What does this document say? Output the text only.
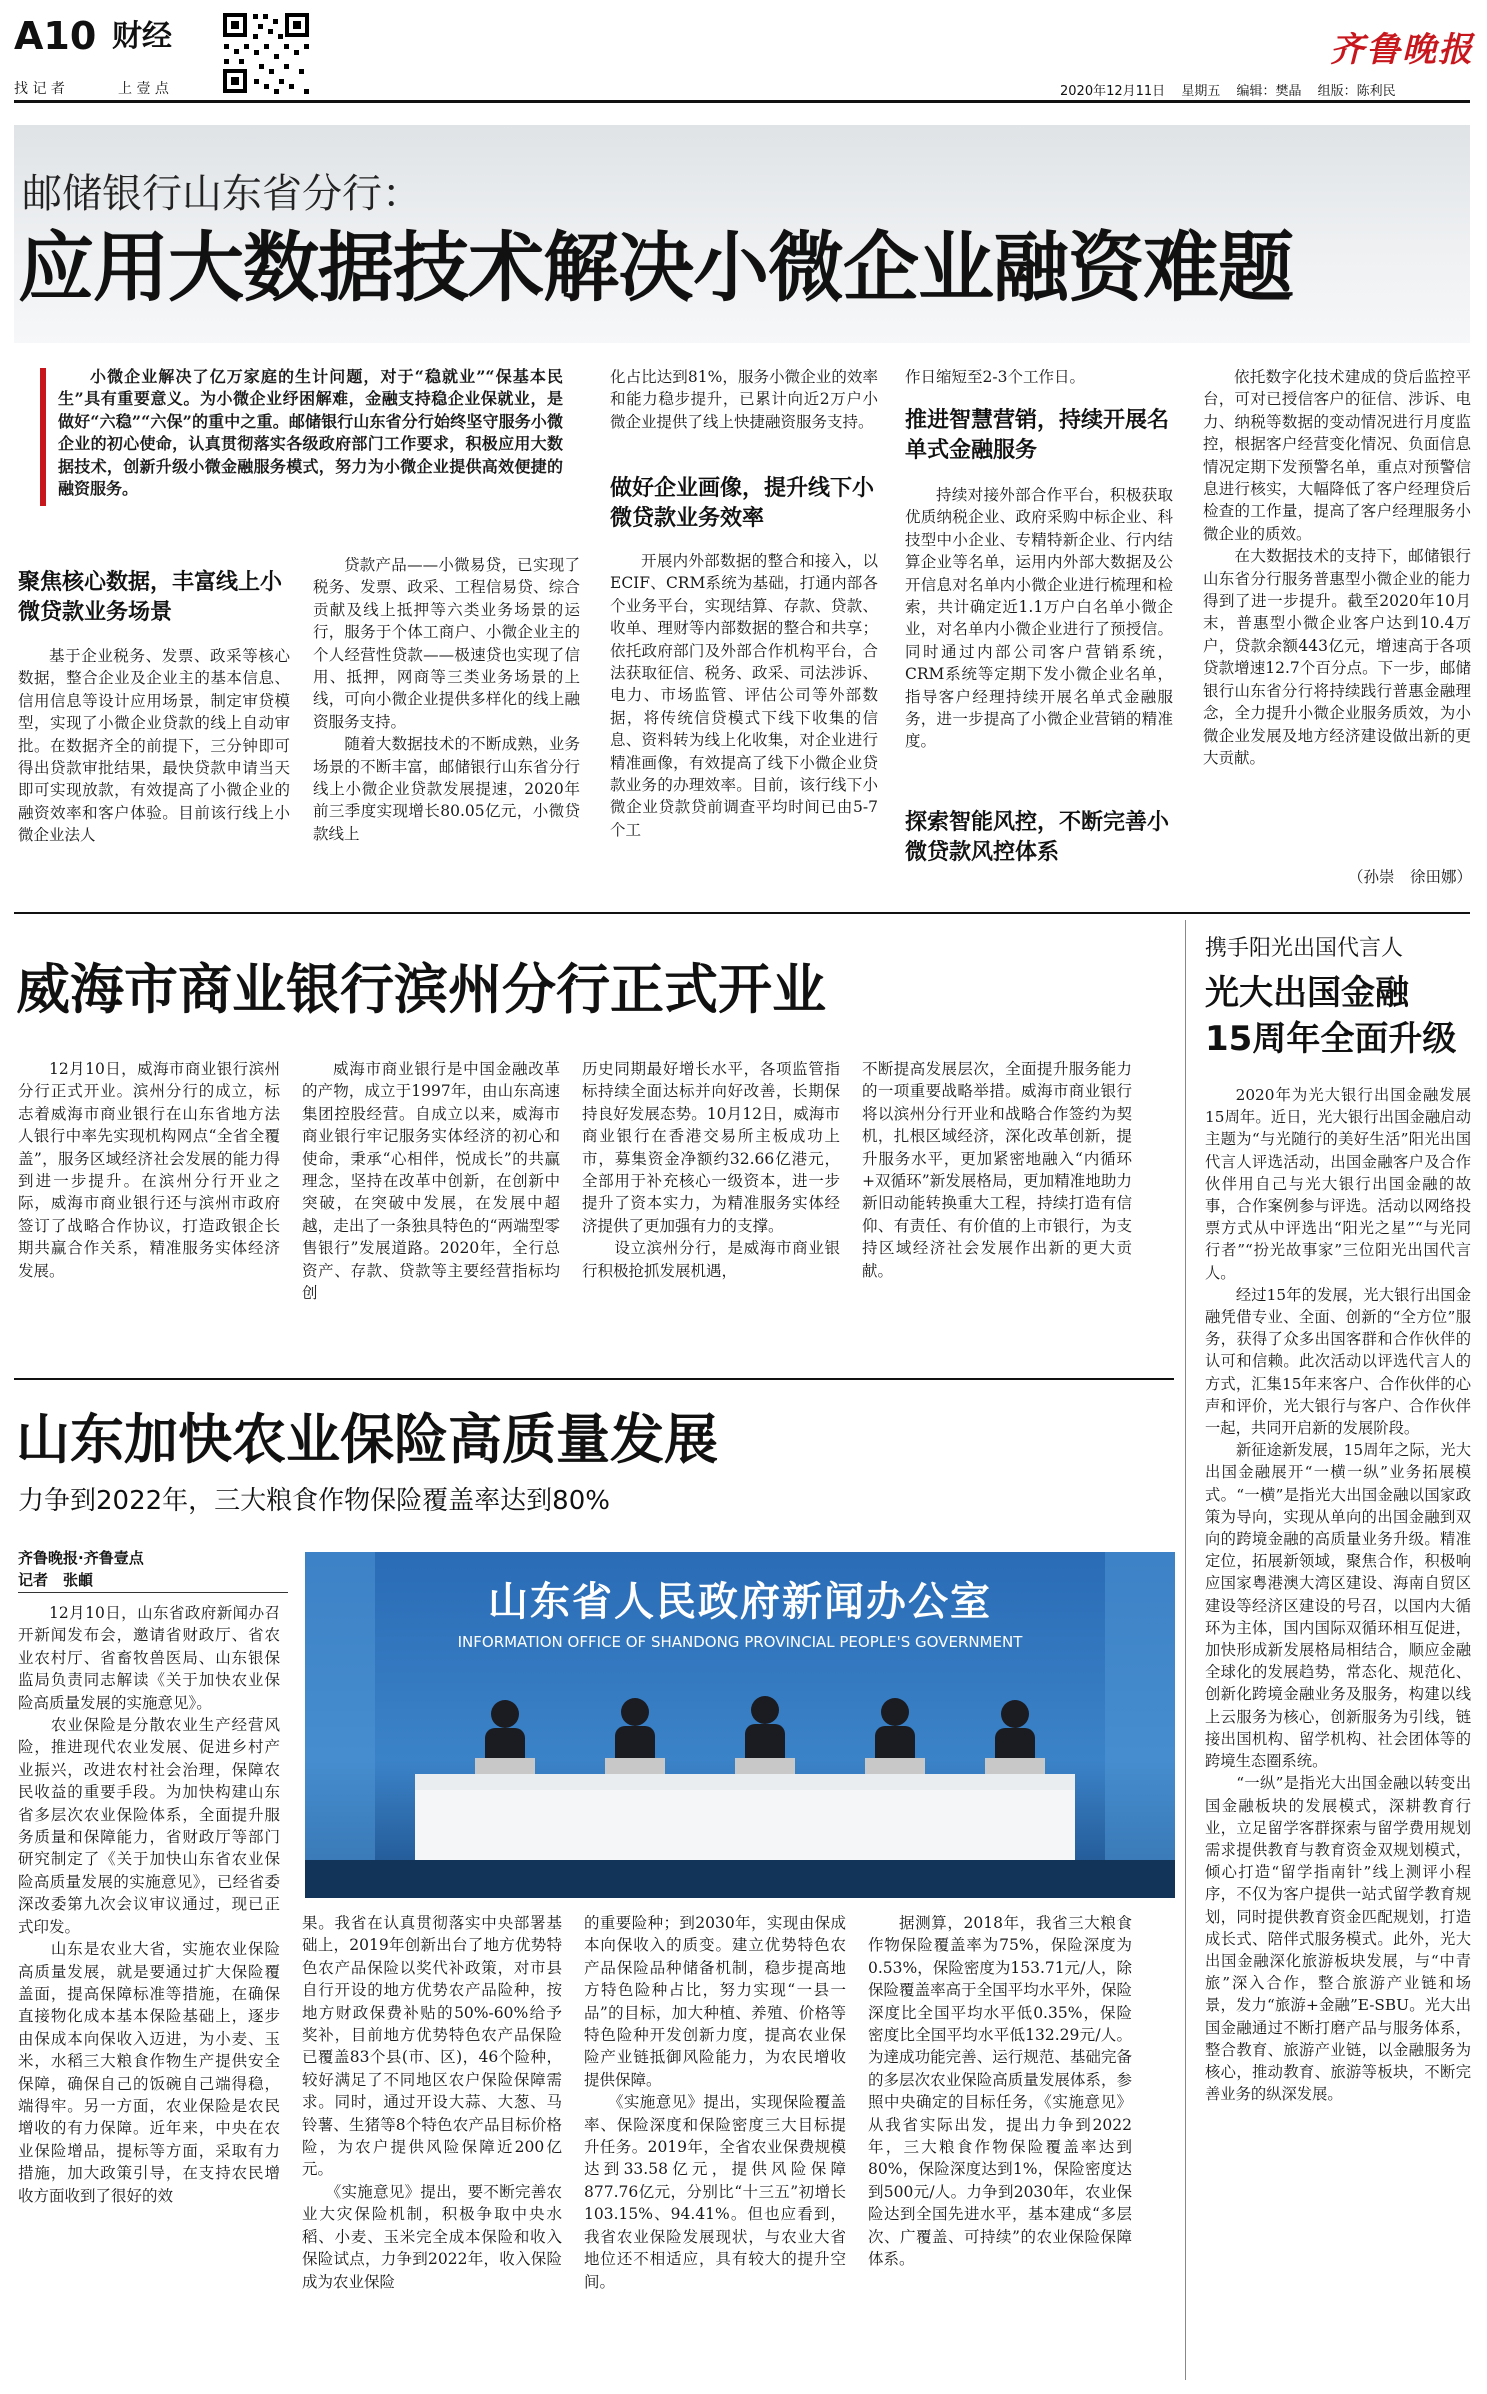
A10 财经
找 记 者	上 壹 点
齐鲁晚报
2020年12月11日 星期五 编辑：樊晶 组版：陈利民
邮储银行山东省分行：
应用大数据技术解决小微企业融资难题
小微企业解决了亿万家庭的生计问题，对于“稳就业”“保基本民生”具有重要意义。为小微企业纾困解难，金融支持稳企业保就业，是做好“六稳”“六保”的重中之重。邮储银行山东省分行始终坚守服务小微企业的初心使命，认真贯彻落实各级政府部门工作要求，积极应用大数据技术，创新升级小微金融服务模式，努力为小微企业提供高效便捷的融资服务。
聚焦核心数据，丰富线上小微贷款业务场景
基于企业税务、发票、政采等核心数据，整合企业及企业主的基本信息、信用信息等设计应用场景，制定审贷模型，实现了小微企业贷款的线上自动审批。在数据齐全的前提下，三分钟即可得出贷款审批结果，最快贷款申请当天即可实现放款，有效提高了小微企业的融资效率和客户体验。目前该行线上小微企业法人
贷款产品——小微易贷，已实现了税务、发票、政采、工程信易贷、综合贡献及线上抵押等六类业务场景的运行，服务于个体工商户、小微企业主的个人经营性贷款——极速贷也实现了信用、抵押，网商等三类业务场景的上线，可向小微企业提供多样化的线上融资服务支持。
　　随着大数据技术的不断成熟，业务场景的不断丰富，邮储银行山东省分行线上小微企业贷款发展提速，2020年前三季度实现增长80.05亿元，小微贷款线上
化占比达到81%，服务小微企业的效率和能力稳步提升，已累计向近2万户小微企业提供了线上快捷融资服务支持。
做好企业画像，提升线下小微贷款业务效率
开展内外部数据的整合和接入，以ECIF、CRM系统为基础，打通内部各个业务平台，实现结算、存款、贷款、收单、理财等内部数据的整合和共享；依托政府部门及外部合作机构平台，合法获取征信、税务、政采、司法涉诉、电力、市场监管、评估公司等外部数据，将传统信贷模式下线下收集的信息、资料转为线上化收集，对企业进行精准画像，有效提高了线下小微企业贷款业务的办理效率。目前，该行线下小微企业贷款贷前调查平均时间已由5-7个工
作日缩短至2-3个工作日。
推进智慧营销，持续开展名单式金融服务
持续对接外部合作平台，积极获取优质纳税企业、政府采购中标企业、科技型中小企业、专精特新企业、行内结算企业等名单，运用内外部大数据及公开信息对名单内小微企业进行梳理和检索，共计确定近1.1万户白名单小微企业，对名单内小微企业进行了预授信。同时通过内部公司客户营销系统，CRM系统等定期下发小微企业名单，指导客户经理持续开展名单式金融服务，进一步提高了小微企业营销的精准度。
探索智能风控，不断完善小微贷款风控体系
依托数字化技术建成的贷后监控平台，可对已授信客户的征信、涉诉、电力、纳税等数据的变动情况进行月度监控，根据客户经营变化情况、负面信息情况定期下发预警名单，重点对预警信息进行核实，大幅降低了客户经理贷后检查的工作量，提高了客户经理服务小微企业的质效。
　　在大数据技术的支持下，邮储银行山东省分行服务普惠型小微企业的能力得到了进一步提升。截至2020年10月末，普惠型小微企业客户达到10.4万户，贷款余额443亿元，增速高于各项贷款增速12.7个百分点。下一步，邮储银行山东省分行将持续践行普惠金融理念，全力提升小微企业服务质效，为小微企业发展及地方经济建设做出新的更大贡献。
（孙崇　徐田娜）
威海市商业银行滨州分行正式开业
12月10日，威海市商业银行滨州分行正式开业。滨州分行的成立，标志着威海市商业银行在山东省地方法人银行中率先实现机构网点“全省全覆盖”，服务区域经济社会发展的能力得到进一步提升。在滨州分行开业之际，威海市商业银行还与滨州市政府签订了战略合作协议，打造政银企长期共赢合作关系，精准服务实体经济发展。
威海市商业银行是中国金融改革的产物，成立于1997年，由山东高速集团控股经营。自成立以来，威海市商业银行牢记服务实体经济的初心和使命，秉承“心相伴，悦成长”的共赢理念，坚持在改革中创新，在创新中突破，在突破中发展，在发展中超越，走出了一条独具特色的“两端型零售银行”发展道路。2020年，全行总资产、存款、贷款等主要经营指标均创
历史同期最好增长水平，各项监管指标持续全面达标并向好改善，长期保持良好发展态势。10月12日，威海市商业银行在香港交易所主板成功上市，募集资金净额约32.66亿港元，全部用于补充核心一级资本，进一步提升了资本实力，为精准服务实体经济提供了更加强有力的支撑。
　　设立滨州分行，是威海市商业银行积极抢抓发展机遇，
不断提高发展层次，全面提升服务能力的一项重要战略举措。威海市商业银行将以滨州分行开业和战略合作签约为契机，扎根区域经济，深化改革创新，提升服务水平，更加紧密地融入“内循环+双循环”新发展格局，更加精准地助力新旧动能转换重大工程，持续打造有信仰、有责任、有价值的上市银行，为支持区域经济社会发展作出新的更大贡献。
携手阳光出国代言人
光大出国金融
15周年全面升级
2020年为光大银行出国金融发展15周年。近日，光大银行出国金融启动主题为“与光随行的美好生活”阳光出国代言人评选活动，出国金融客户及合作伙伴用自己与光大银行出国金融的故事，合作案例参与评选。活动以网络投票方式从中评选出“阳光之星”“与光同行者”“扮光故事家”三位阳光出国代言人。
　　经过15年的发展，光大银行出国金融凭借专业、全面、创新的“全方位”服务，获得了众多出国客群和合作伙伴的认可和信赖。此次活动以评选代言人的方式，汇集15年来客户、合作伙伴的心声和评价，光大银行与客户、合作伙伴一起，共同开启新的发展阶段。
　　新征途新发展，15周年之际，光大出国金融展开“一横一纵”业务拓展模式。“一横”是指光大出国金融以国家政策为导向，实现从单向的出国金融到双向的跨境金融的高质量业务升级。精准定位，拓展新领域，聚焦合作，积极响应国家粤港澳大湾区建设、海南自贸区建设等经济区建设的号召，以国内大循环为主体，国内国际双循环相互促进，加快形成新发展格局相结合，顺应金融全球化的发展趋势，常态化、规范化、创新化跨境金融业务及服务，构建以线上云服务为核心，创新服务为引线，链接出国机构、留学机构、社会团体等的跨境生态圈系统。
　　“一纵”是指光大出国金融以转变出国金融板块的发展模式，深耕教育行业，立足留学客群探索与留学费用规划需求提供教育与教育资金双规划模式，倾心打造“留学指南针”线上测评小程序，不仅为客户提供一站式留学教育规划，同时提供教育资金匹配规划，打造成长式、陪伴式服务模式。此外，光大出国金融深化旅游板块发展，与“中青旅”深入合作，整合旅游产业链和场景，发力“旅游+金融”E-SBU。光大出国金融通过不断打磨产品与服务体系，整合教育、旅游产业链，以金融服务为核心，推动教育、旅游等板块，不断完善业务的纵深发展。
山东加快农业保险高质量发展
力争到2022年，三大粮食作物保险覆盖率达到80%
齐鲁晚报·齐鲁壹点
记者　张頔	山东省人民政府新闻办公室
INFORMATION OFFICE OF SHANDONG PROVINCIAL PEOPLE'S GOVERNMENT
12月10日，山东省政府新闻办召开新闻发布会，邀请省财政厅、省农业农村厅、省畜牧兽医局、山东银保监局负责同志解读《关于加快农业保险高质量发展的实施意见》。
　　农业保险是分散农业生产经营风险，推进现代农业发展、促进乡村产业振兴，改进农村社会治理，保障农民收益的重要手段。为加快构建山东省多层次农业保险体系，全面提升服务质量和保障能力，省财政厅等部门研究制定了《关于加快山东省农业保险高质量发展的实施意见》，已经省委深改委第九次会议审议通过，现已正式印发。
　　山东是农业大省，实施农业保险高质量发展，就是要通过扩大保险覆盖面，提高保障标准等措施，在确保直接物化成本基本保险基础上，逐步由保成本向保收入迈进，为小麦、玉米，水稻三大粮食作物生产提供安全保障，确保自己的饭碗自己端得稳，端得牢。另一方面，农业保险是农民增收的有力保障。近年来，中央在农业保险增品，提标等方面，采取有力措施，加大政策引导，在支持农民增收方面收到了很好的效
果。我省在认真贯彻落实中央部署基础上，2019年创新出台了地方优势特色农产品保险以奖代补政策，对市县自行开设的地方优势农产品险种，按地方财政保费补贴的50%-60%给予奖补，目前地方优势特色农产品保险已覆盖83个县(市、区)，46个险种，较好满足了不同地区农户保险保障需求。同时，通过开设大蒜、大葱、马铃薯、生猪等8个特色农产品目标价格险，为农户提供风险保障近200亿元。
　　《实施意见》提出，要不断完善农业大灾保险机制，积极争取中央水稻、小麦、玉米完全成本保险和收入保险试点，力争到2022年，收入保险成为农业保险
的重要险种；到2030年，实现由保成本向保收入的质变。建立优势特色农产品保险品种储备机制，稳步提高地方特色险种占比，努力实现“一县一品”的目标，加大种植、养殖、价格等特色险种开发创新力度，提高农业保险产业链抵御风险能力，为农民增收提供保障。
　　《实施意见》提出，实现保险覆盖率、保险深度和保险密度三大目标提升任务。2019年，全省农业保费规模达到33.58亿元，提供风险保障877.76亿元，分别比“十三五”初增长103.15%、94.41%。但也应看到，我省农业保险发展现状，与农业大省地位还不相适应，具有较大的提升空间。
据测算，2018年，我省三大粮食作物保险覆盖率为75%，保险深度为0.53%，保险密度为153.71元/人，除保险覆盖率高于全国平均水平外，保险深度比全国平均水平低0.35%，保险密度比全国平均水平低132.29元/人。为達成功能完善、运行规范、基础完备的多层次农业保险高质量发展体系，参照中央确定的目标任务，《实施意见》从我省实际出发，提出力争到2022年，三大粮食作物保险覆盖率达到80%，保险深度达到1%，保险密度达到500元/人。力争到2030年，农业保险达到全国先进水平，基本建成“多层次、广覆盖、可持续”的农业保险保障体系。
